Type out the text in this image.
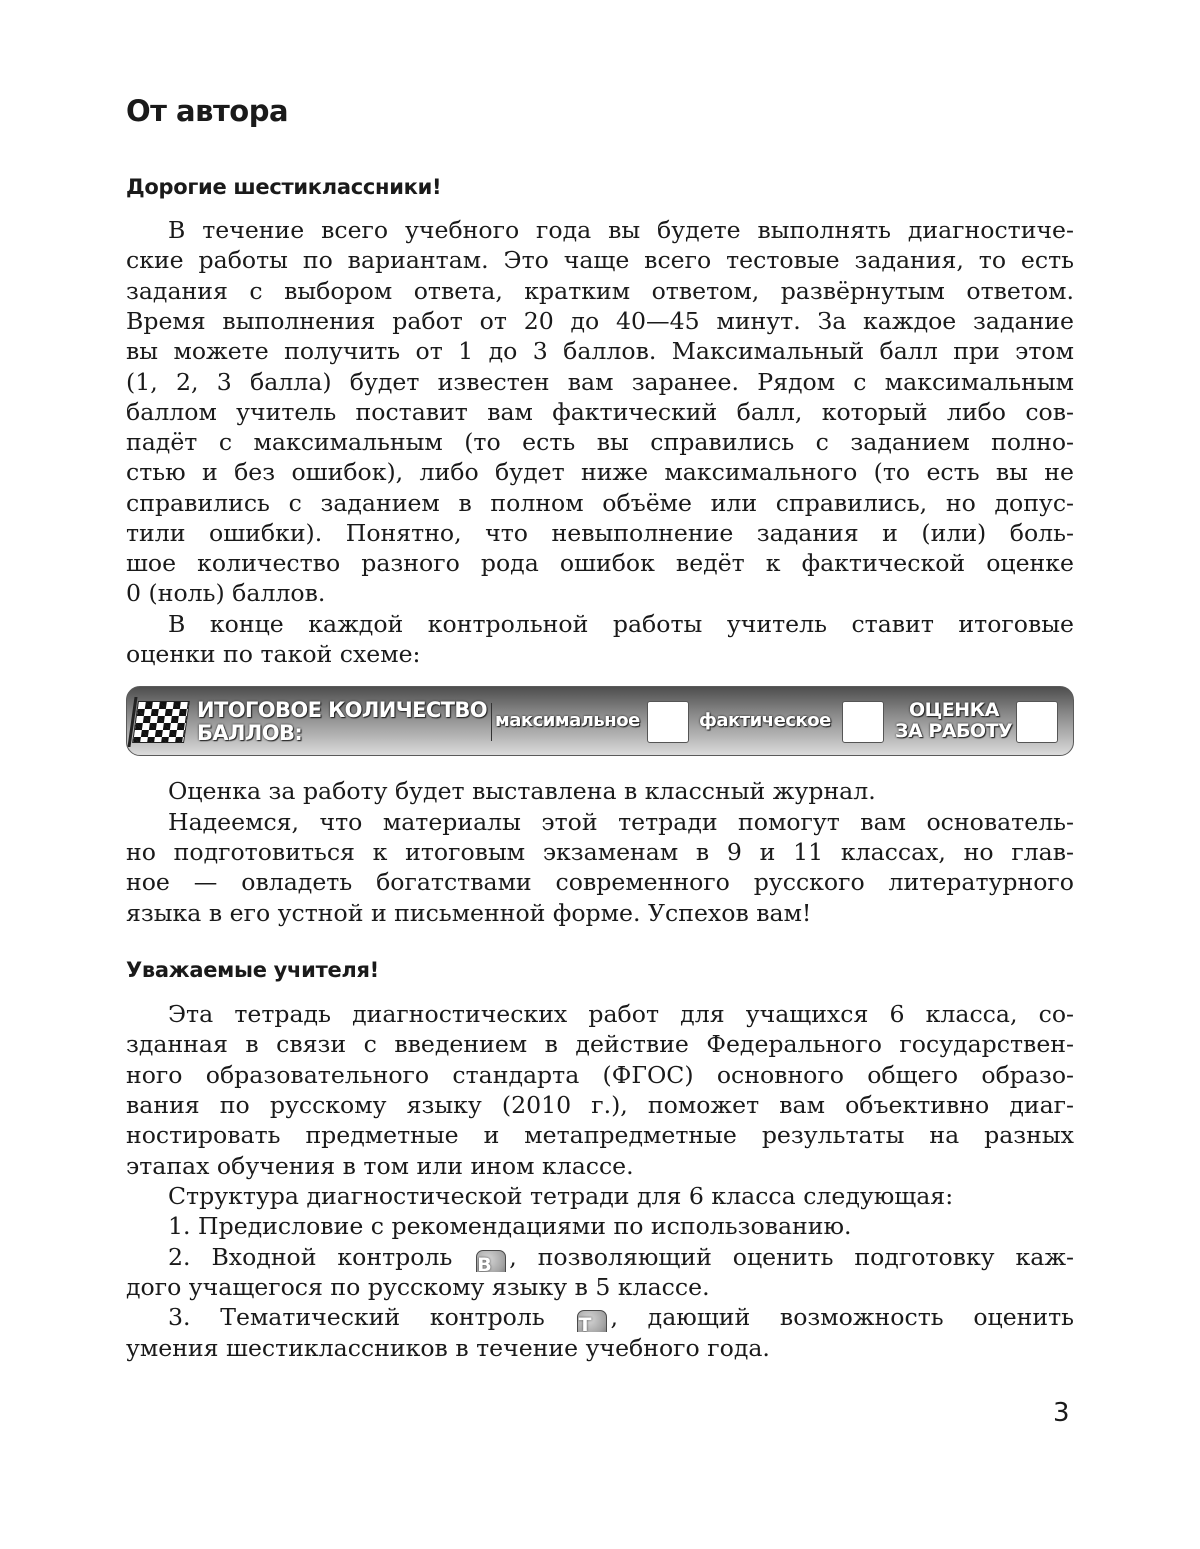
От автора
Дорогие шестиклассники!

В течение всего учебного года вы будете выполнять диагностиче-

ские работы по вариантам. Это чаще всего тестовые задания, то есть

задания с выбором ответа, кратким ответом, развёрнутым ответом.

Время выполнения работ от 20 до 40—45 минут. За каждое задание

вы можете получить от 1 до 3 баллов. Максимальный балл при этом

(1, 2, 3 балла) будет известен вам заранее. Рядом с максимальным

баллом учитель поставит вам фактический балл, который либо сов-

падёт с максимальным (то есть вы справились с заданием полно-

стью и без ошибок), либо будет ниже максимального (то есть вы не

справились с заданием в полном объёме или справились, но допус-

тили ошибки). Понятно, что невыполнение задания и (или) боль-

шое количество разного рода ошибок ведёт к фактической оценке

0 (ноль) баллов.

В конце каждой контрольной работы учитель ставит итоговые

оценки по такой схеме:

ИТОГОВОЕ КОЛИЧЕСТВО
БАЛЛОВ:
максимальное	фактическое	ОЦЕНКА
ЗА РАБОТУ

Оценка за работу будет выставлена в классный журнал.

Надеемся, что материалы этой тетради помогут вам основатель-

но подготовиться к итоговым экзаменам в 9 и 11 классах, но глав-

ное — овладеть богатствами современного русского литературного

языка в его устной и письменной форме. Успехов вам!

Уважаемые учителя!

Эта тетрадь диагностических работ для учащихся 6 класса, со-

зданная в связи с введением в действие Федерального государствен-

ного образовательного стандарта (ФГОС) основного общего образо-

вания по русскому языку (2010 г.), поможет вам объективно диаг-

ностировать предметные и метапредметные результаты на разных

этапах обучения в том или ином классе.

Структура диагностической тетради для 6 класса следующая:

1. Предисловие с рекомендациями по использованию.

2. Входной контроль В , позволяющий оценить подготовку каж-

дого учащегося по русскому языку в 5 классе.

3. Тематический контроль Т , дающий возможность оценить

умения шестиклассников в течение учебного года.

3
